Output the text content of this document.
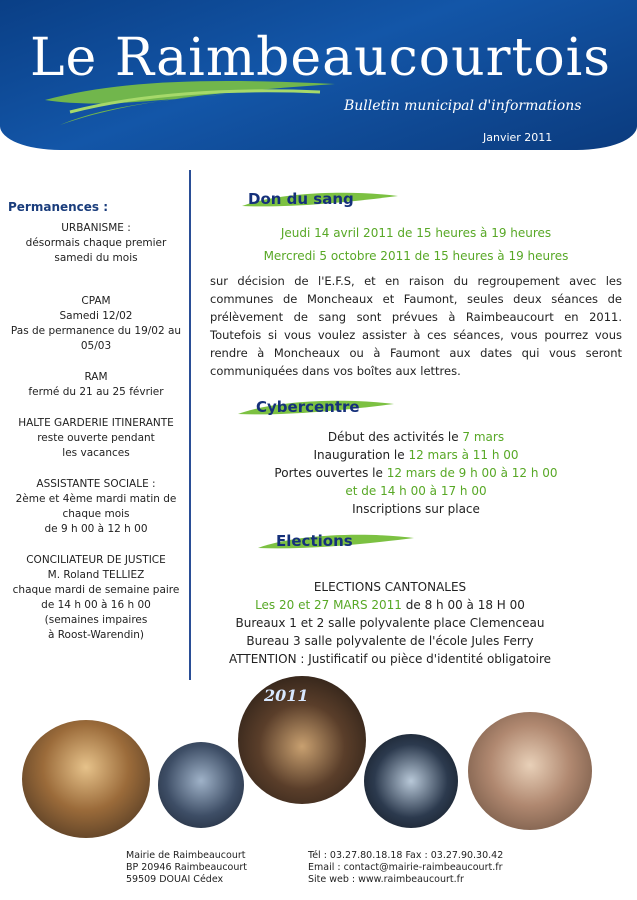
Le Raimbeaucourtois
Bulletin municipal d'informations
Janvier 2011
Permanences :
URBANISME :
désormais chaque premier
samedi du mois
CPAM
Samedi 12/02
Pas de permanence du 19/02 au
05/03
RAM
fermé du 21 au 25 février
HALTE GARDERIE ITINERANTE
reste ouverte pendant
les vacances
ASSISTANTE SOCIALE :
2ème et 4ème mardi matin de
chaque mois
de 9 h 00 à 12 h 00
CONCILIATEUR DE JUSTICE
M. Roland TELLIEZ
chaque mardi de semaine paire
de 14 h 00 à 16 h 00
(semaines impaires
à Roost-Warendin)
Don du sang
Jeudi 14 avril 2011 de 15 heures à 19 heures
Mercredi 5 octobre 2011 de 15 heures à 19 heures
sur décision de l'E.F.S, et en raison du regroupement avec les communes de Moncheaux et Faumont, seules deux séances de prélèvement de sang sont prévues à Raimbeaucourt en 2011. Toutefois si vous voulez assister à ces séances, vous pourrez vous rendre à Moncheaux ou à Faumont aux dates qui vous seront communiquées dans vos boîtes aux lettres.
Cybercentre
Début des activités le 7 mars
Inauguration le 12 mars à 11 h 00
Portes ouvertes le 12 mars de 9 h 00 à 12 h 00
et de 14 h 00 à 17 h 00
Inscriptions sur place
Elections
ELECTIONS CANTONALES
Les 20 et 27 MARS 2011 de 8 h 00 à 18 H 00
Bureaux 1 et 2 salle polyvalente place Clemenceau
Bureau 3 salle polyvalente de l'école Jules Ferry
ATTENTION : Justificatif ou pièce d'identité obligatoire
2011
Mairie de Raimbeaucourt
BP 20946 Raimbeaucourt
59509 DOUAI Cédex
Tél : 03.27.80.18.18 Fax : 03.27.90.30.42
Email : contact@mairie-raimbeaucourt.fr
Site web : www.raimbeaucourt.fr
